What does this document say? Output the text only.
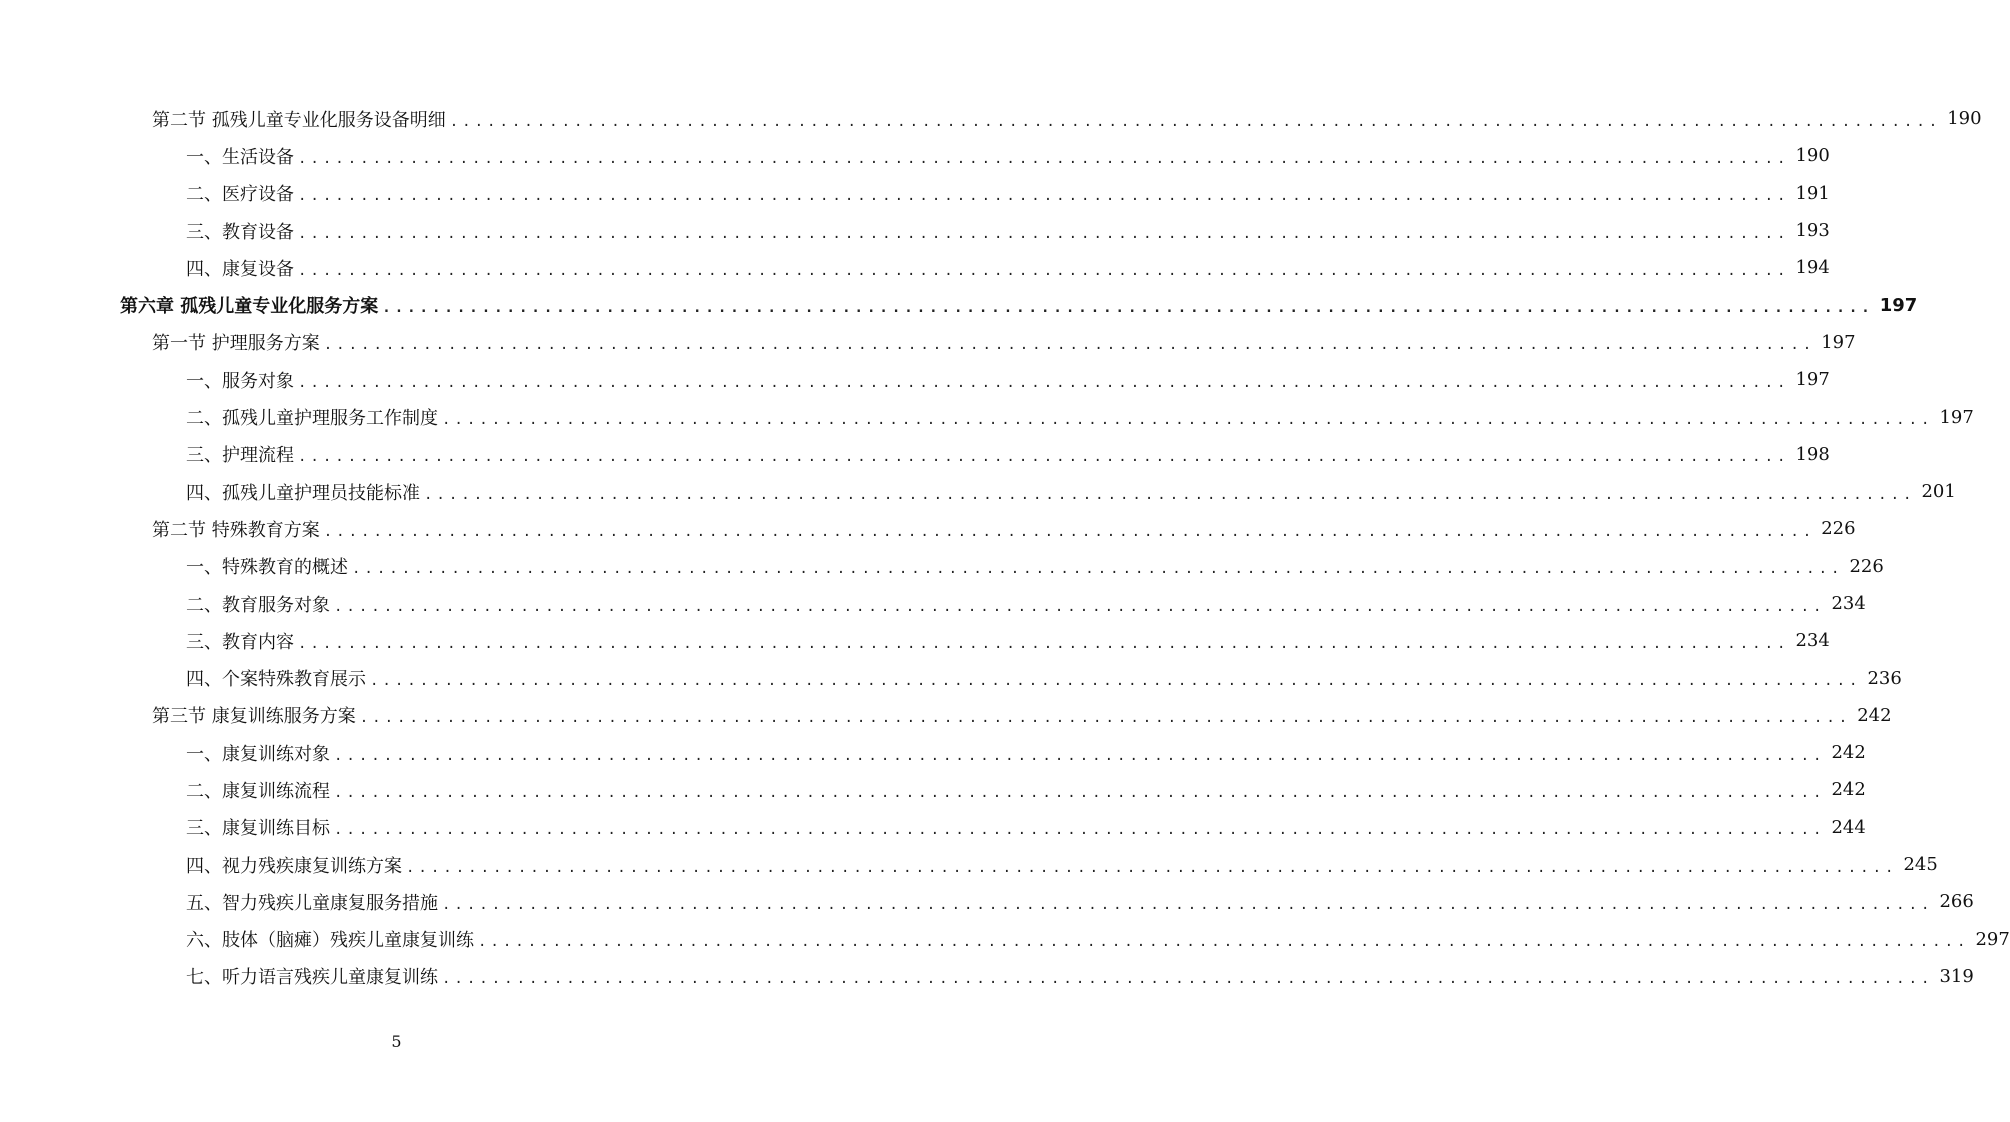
第二节 孤残儿童专业化服务设备明细 ........................................................................................................................ 190
一、生活设备 ........................................................................................................................ 190
二、医疗设备 ........................................................................................................................ 191
三、教育设备 ........................................................................................................................ 193
四、康复设备 ........................................................................................................................ 194
第六章 孤残儿童专业化服务方案 ........................................................................................................................ 197
第一节 护理服务方案 ........................................................................................................................ 197
一、服务对象 ........................................................................................................................ 197
二、孤残儿童护理服务工作制度 ........................................................................................................................ 197
三、护理流程 ........................................................................................................................ 198
四、孤残儿童护理员技能标准 ........................................................................................................................ 201
第二节 特殊教育方案 ........................................................................................................................ 226
一、特殊教育的概述 ........................................................................................................................ 226
二、教育服务对象 ........................................................................................................................ 234
三、教育内容 ........................................................................................................................ 234
四、个案特殊教育展示 ........................................................................................................................ 236
第三节 康复训练服务方案 ........................................................................................................................ 242
一、康复训练对象 ........................................................................................................................ 242
二、康复训练流程 ........................................................................................................................ 242
三、康复训练目标 ........................................................................................................................ 244
四、视力残疾康复训练方案 ........................................................................................................................ 245
五、智力残疾儿童康复服务措施 ........................................................................................................................ 266
六、肢体（脑瘫）残疾儿童康复训练 ........................................................................................................................ 297
七、听力语言残疾儿童康复训练 ........................................................................................................................ 319
5
